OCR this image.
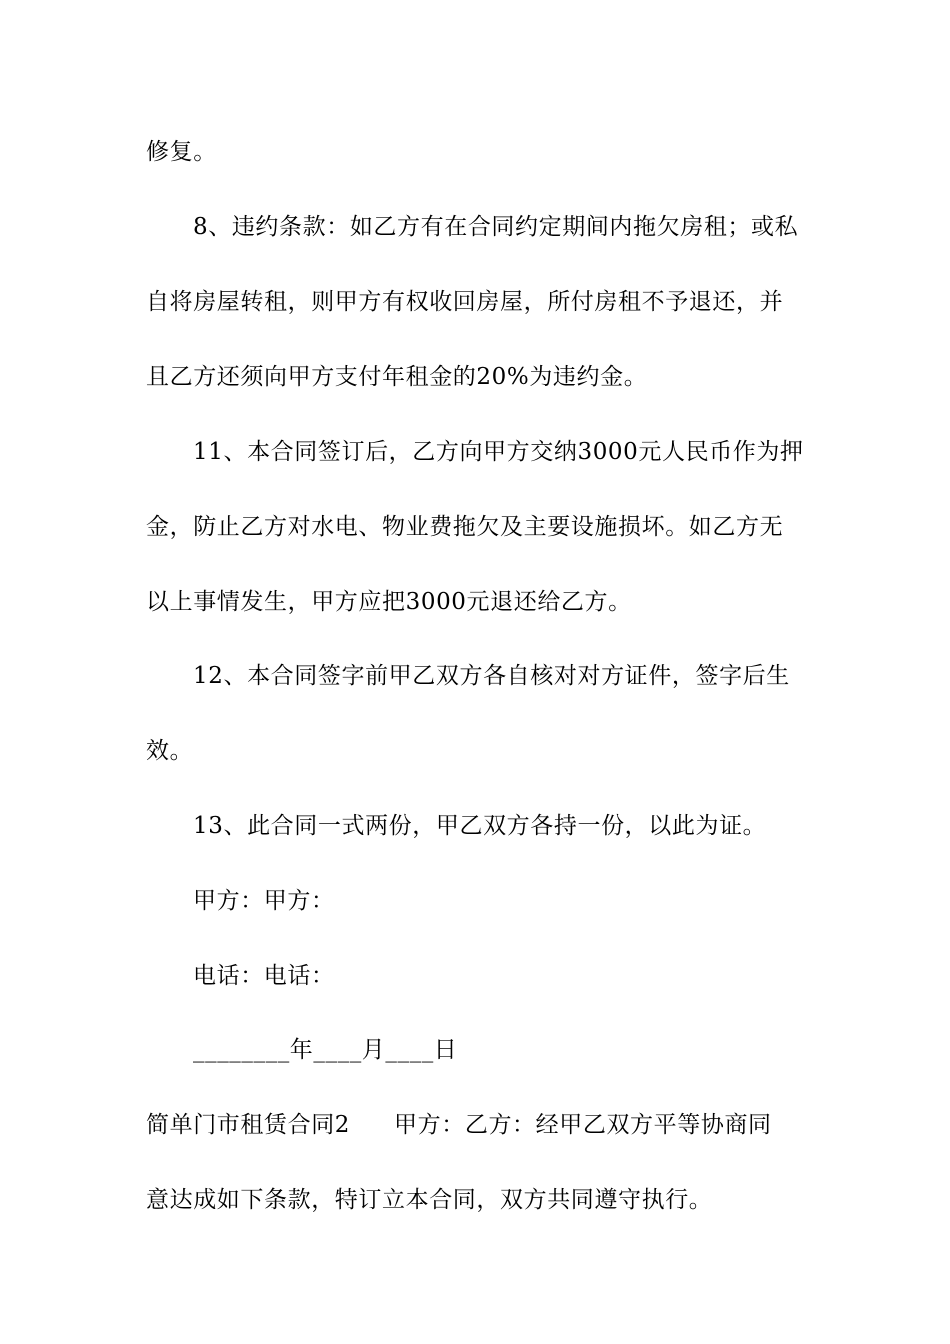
修复。
8、违约条款：如乙方有在合同约定期间内拖欠房租；或私
自将房屋转租，则甲方有权收回房屋，所付房租不予退还，并
且乙方还须向甲方支付年租金的20%为违约金。
11、本合同签订后，乙方向甲方交纳3000元人民币作为押
金，防止乙方对水电、物业费拖欠及主要设施损坏。如乙方无
以上事情发生，甲方应把3000元退还给乙方。
12、本合同签字前甲乙双方各自核对对方证件，签字后生
效。
13、此合同一式两份，甲乙双方各持一份，以此为证。
甲方：甲方：
电话：电话：
________年____月____日
简单门市租赁合同2 甲方：乙方：经甲乙双方平等协商同
意达成如下条款，特订立本合同，双方共同遵守执行。
